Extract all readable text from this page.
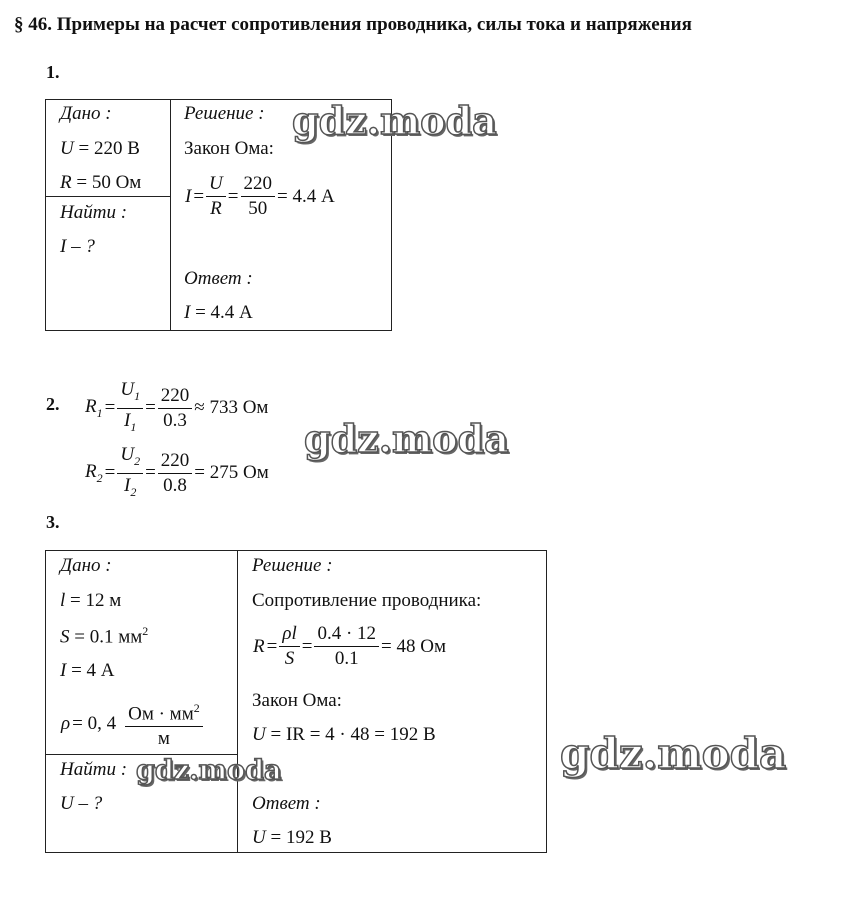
§ 46. Примеры на расчет сопротивления проводника, силы тока и напряжения
1.
Дано :
U = 220 В
R = 50 Ом
Найти :
I – ?
Решение :
Закон Ома:
$I = \frac{U}{R} = \frac{220}{50} = 4.4$ А
Ответ :
I = 4.4 А
2. $R_1 = \frac{U_1}{I_1} = \frac{220}{0.3} \approx 733$ Ом
$R_2 = \frac{U_2}{I_2} = \frac{220}{0.8} = 275$ Ом
3.
Дано :
l = 12 м
S = 0.1 $мм^2$
I = 4 А
ρ = 0, $4 \frac{Ом \cdot мм^2}{м}$
Найти :
U – ?
Решение :
Сопротивление проводника:
$R = \frac{\rho l}{S} = \frac{0.4 \cdot 12}{0.1} = 48$ Ом
Закон Ома:
U = IR = 4 · 48 = 192 В
Ответ :
U = 192 В
gdz.moda
gdz.moda
gdz.moda
gdz.moda
